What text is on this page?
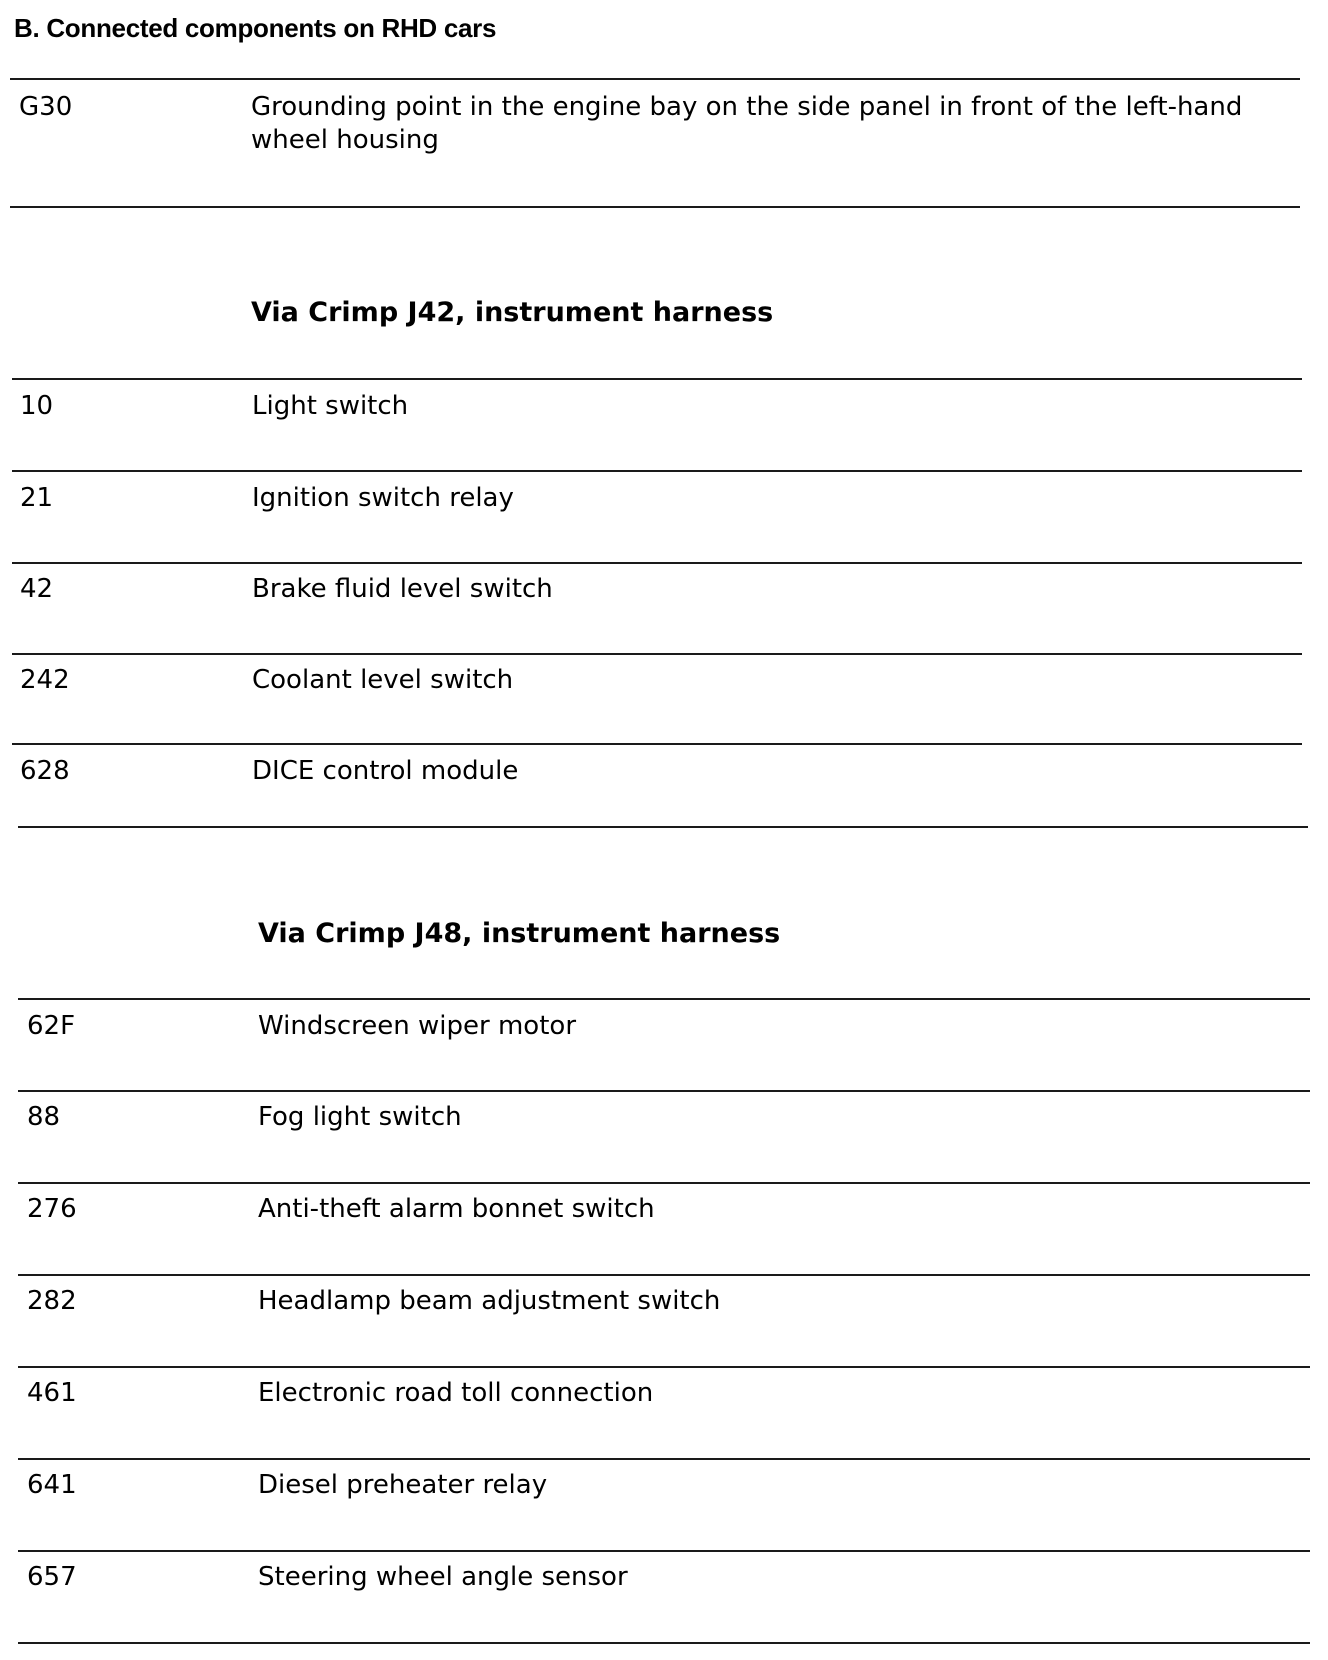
B. Connected components on RHD cars
G30	Grounding point in the engine bay on the side panel in front of the left-hand wheel housing
Via Crimp J42, instrument harness
10	Light switch
21	Ignition switch relay
42	Brake fluid level switch
242	Coolant level switch
628	DICE control module
Via Crimp J48, instrument harness
62F	Windscreen wiper motor
88	Fog light switch
276	Anti-theft alarm bonnet switch
282	Headlamp beam adjustment switch
461	Electronic road toll connection
641	Diesel preheater relay
657	Steering wheel angle sensor
